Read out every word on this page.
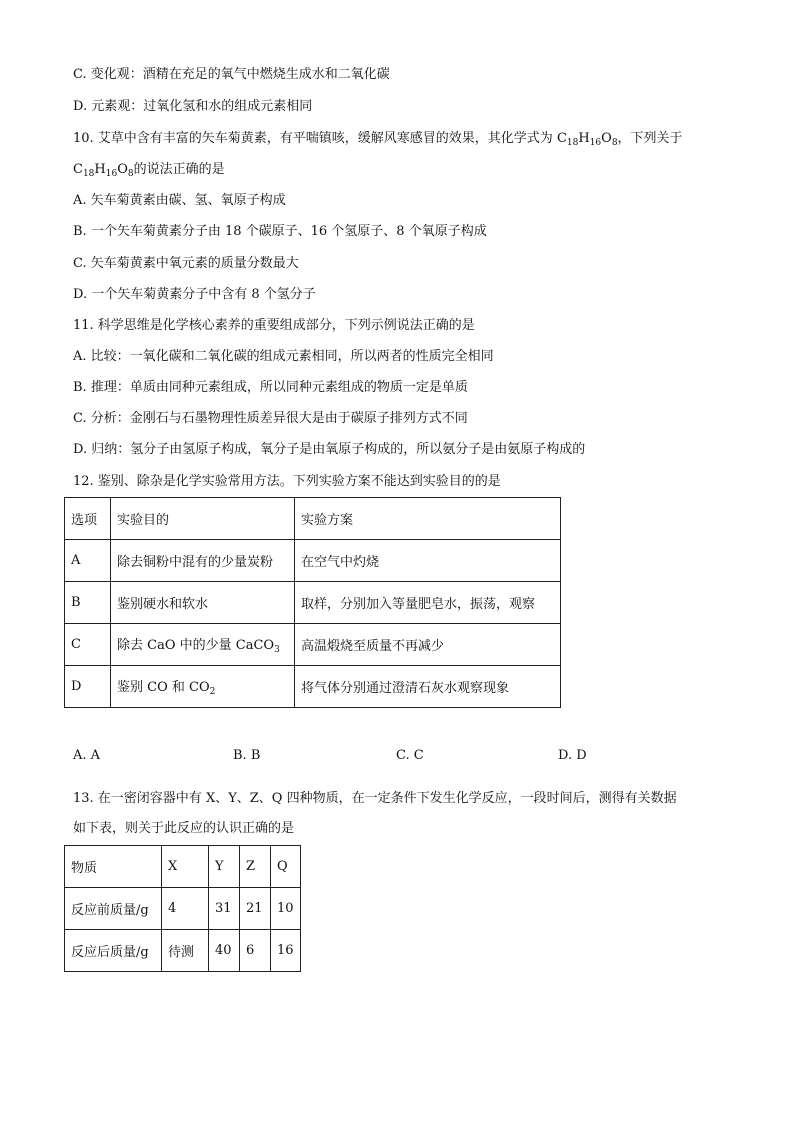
C. 变化观：酒精在充足的氧气中燃烧生成水和二氧化碳
D. 元素观：过氧化氢和水的组成元素相同
10. 艾草中含有丰富的矢车菊黄素，有平喘镇咳，缓解风寒感冒的效果，其化学式为 $C_{18}H_{16}O_8$，下列关于
$C_{18}H_{16}O_8$的说法正确的是
A. 矢车菊黄素由碳、氢、氧原子构成
B. 一个矢车菊黄素分子由 18 个碳原子、16 个氢原子、8 个氧原子构成
C. 矢车菊黄素中氧元素的质量分数最大
D. 一个矢车菊黄素分子中含有 8 个氢分子
11. 科学思维是化学核心素养的重要组成部分，下列示例说法正确的是
A. 比较：一氧化碳和二氧化碳的组成元素相同，所以两者的性质完全相同
B. 推理：单质由同种元素组成，所以同种元素组成的物质一定是单质
C. 分析：金刚石与石墨物理性质差异很大是由于碳原子排列方式不同
D. 归纳：氢分子由氢原子构成，氧分子是由氧原子构成的，所以氨分子是由氨原子构成的
12. 鉴别、除杂是化学实验常用方法。下列实验方案不能达到实验目的的是
选项	实验目的	实验方案
A	除去铜粉中混有的少量炭粉	在空气中灼烧
B	鉴别硬水和软水	取样，分别加入等量肥皂水，振荡，观察
C	除去 CaO 中的少量 CaCO$_3$	高温煅烧至质量不再减少
D	鉴别 CO 和 $CO_2$	将气体分别通过澄清石灰水观察现象
A. A	B. B	C. C	D. D
13. 在一密闭容器中有 X、Y、Z、Q 四种物质，在一定条件下发生化学反应，一段时间后，测得有关数据
如下表，则关于此反应的认识正确的是
物质	X	Y	Z	Q
反应前质量/g	4	31	21	10
反应后质量/g	待测	40	6	16
